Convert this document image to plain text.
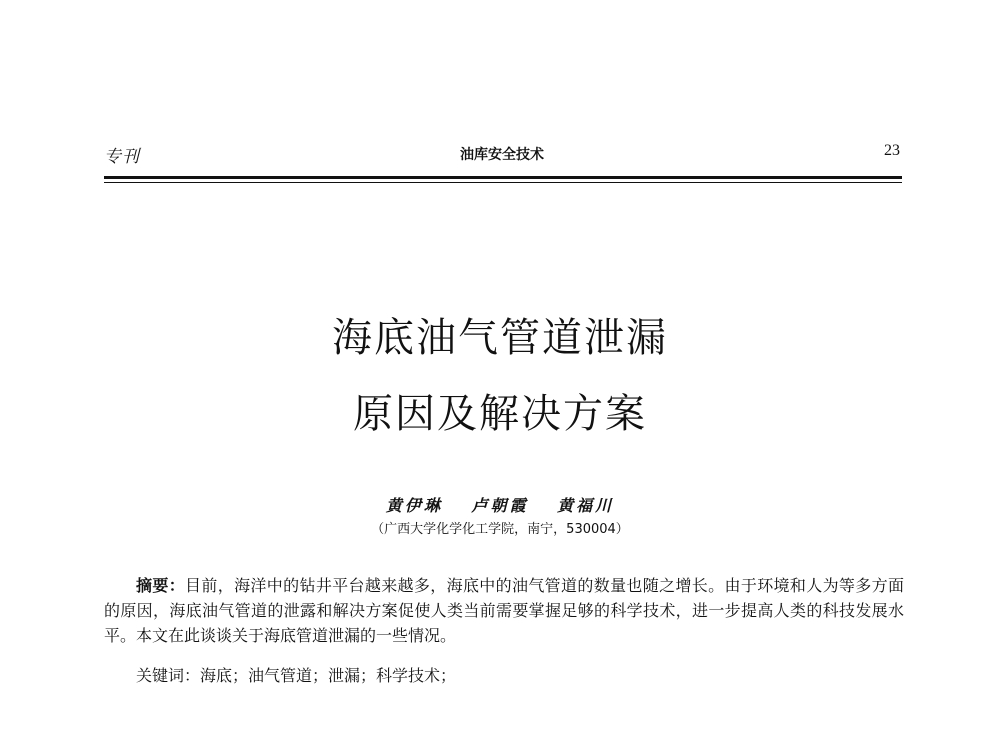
专刊	油库安全技术	23
海底油气管道泄漏
原因及解决方案
黄伊琳 卢朝霞 黄福川
（广西大学化学化工学院，南宁，530004）

摘要：目前，海洋中的钻井平台越来越多，海底中的油气管道的数量也随之增长。由于环境和人为等多方面的原因，海底油气管道的泄露和解决方案促使人类当前需要掌握足够的科学技术，进一步提高人类的科技发展水平。本文在此谈谈关于海底管道泄漏的一些情况。

关键词：海底；油气管道；泄漏；科学技术；
